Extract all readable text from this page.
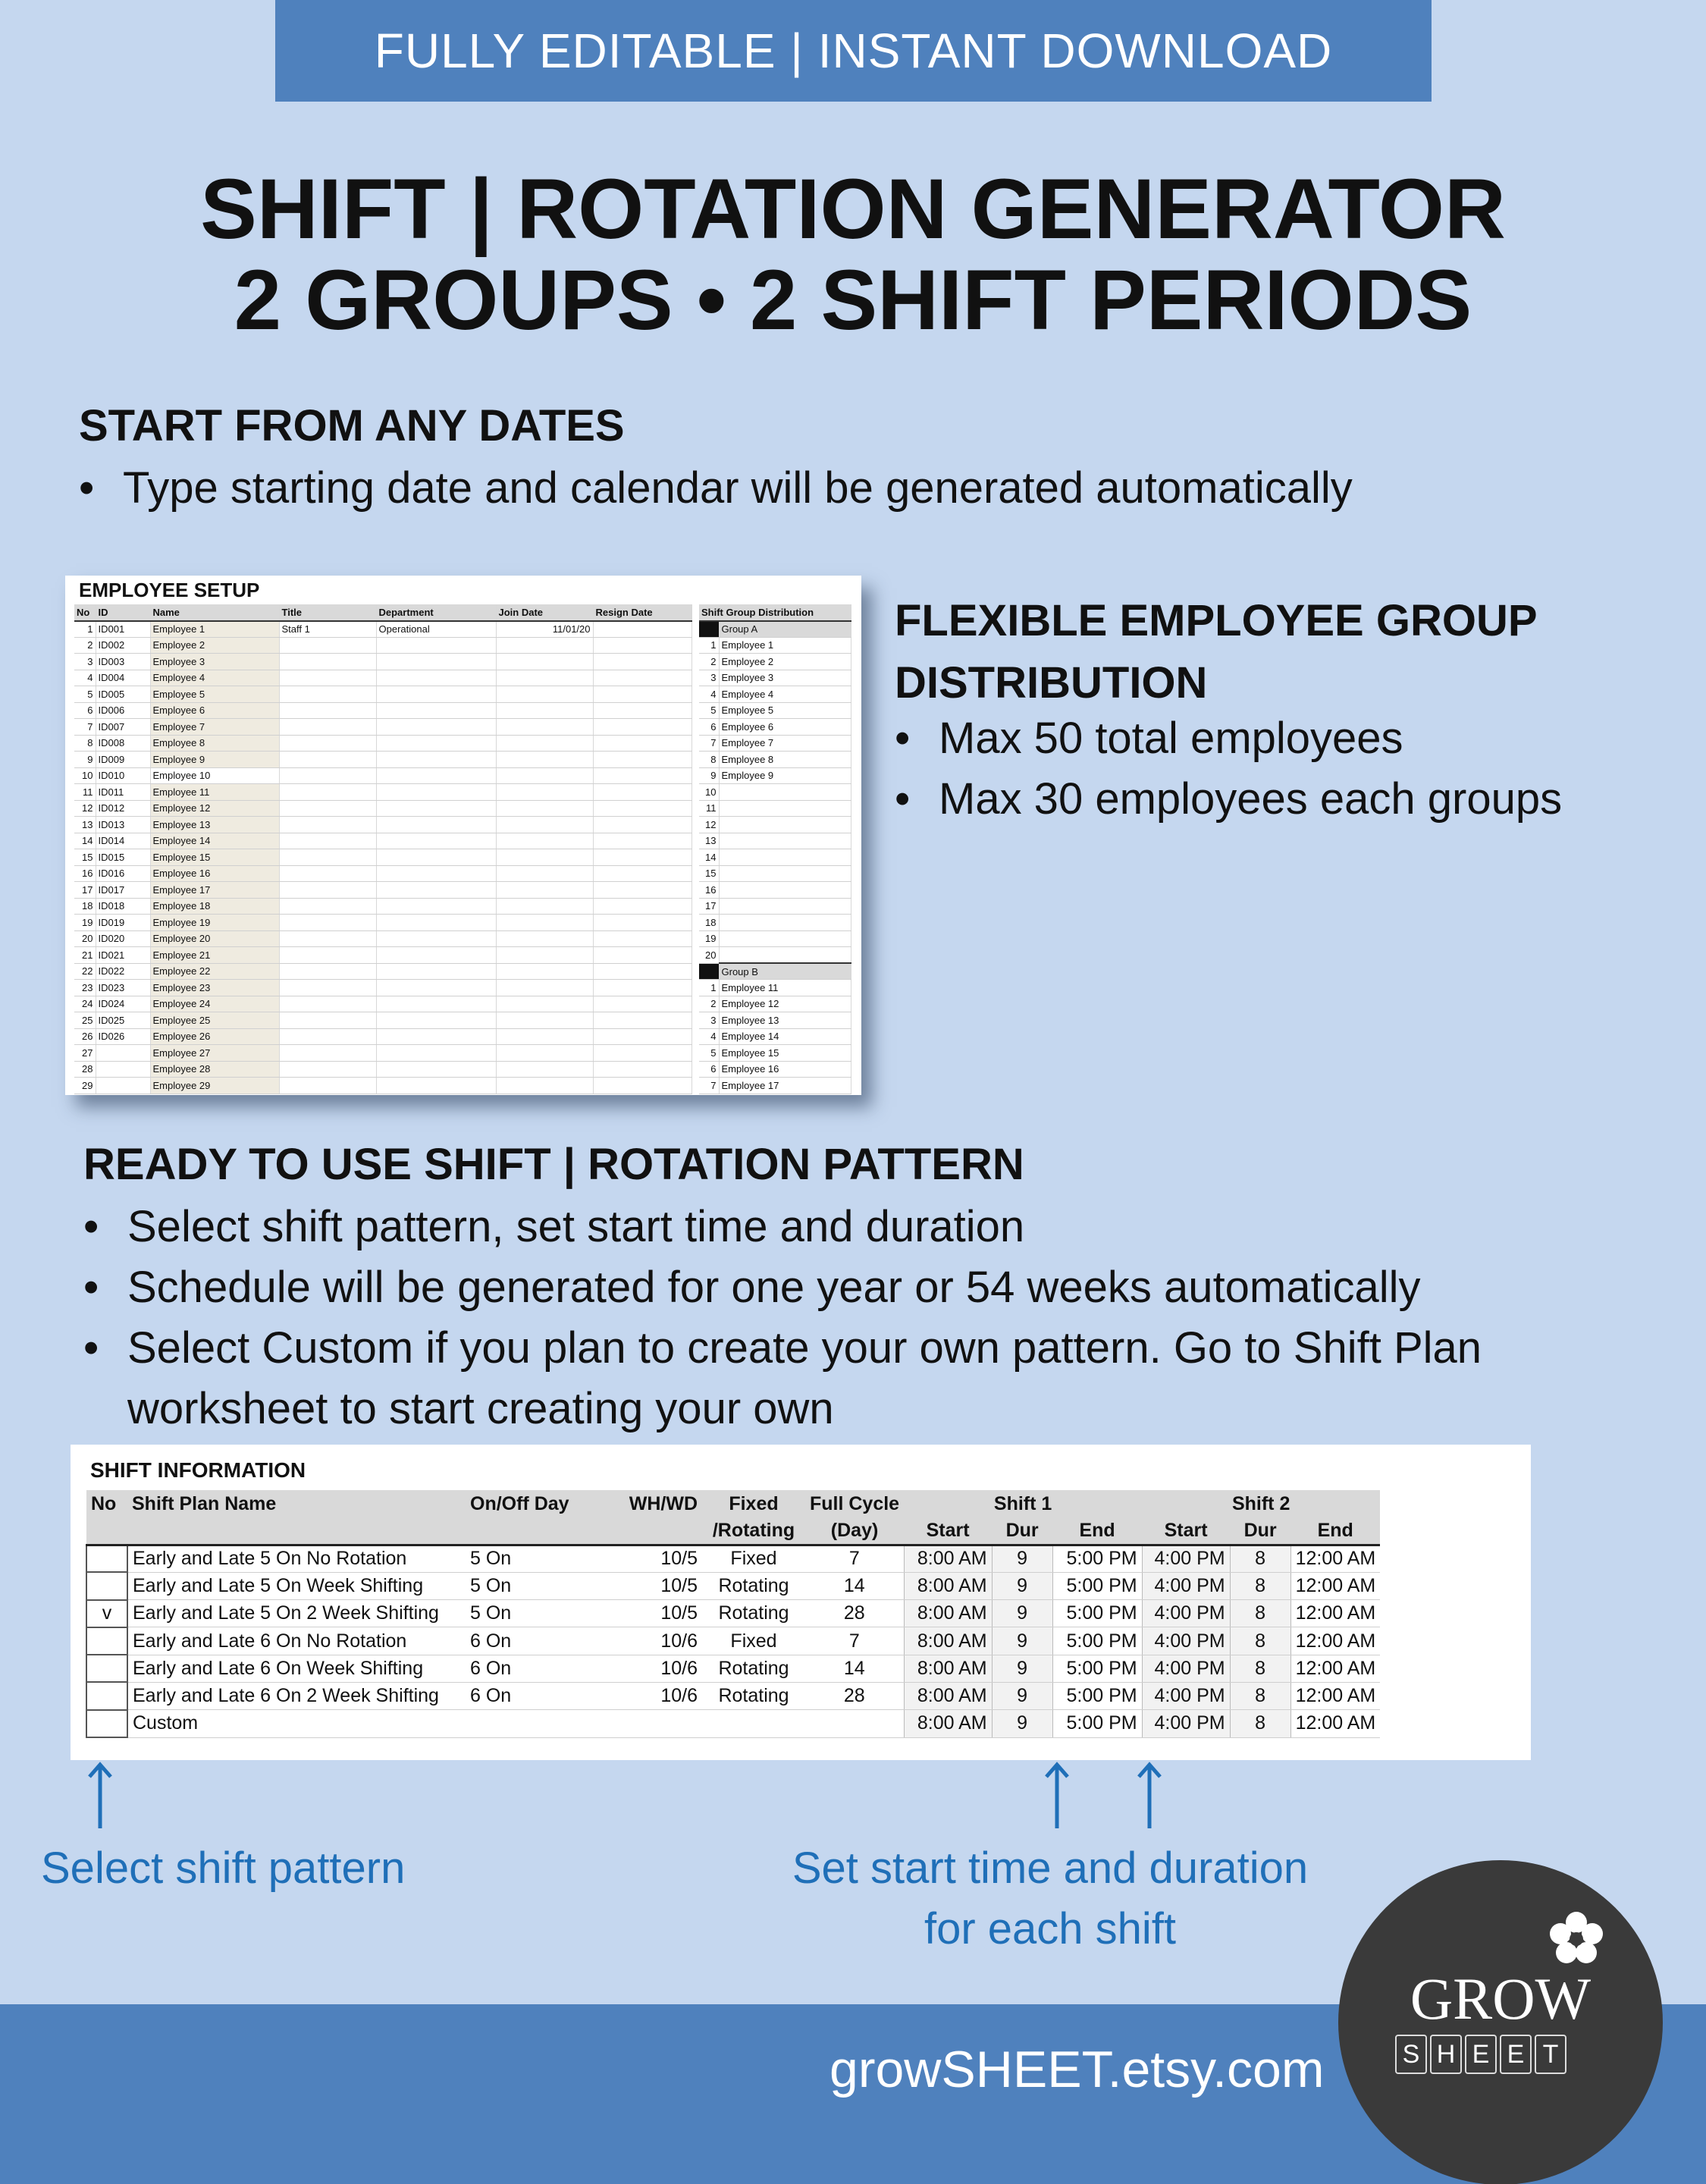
FULLY EDITABLE | INSTANT DOWNLOAD
SHIFT | ROTATION GENERATOR
2 GROUPS • 2 SHIFT PERIODS
START FROM ANY DATES
• Type starting date and calendar will be generated automatically
EMPLOYEE SETUP
No	ID	Name	Title	Department	Join Date	Resign Date
1	ID001	Employee 1	Staff 1	Operational	11/01/20	
2	ID002	Employee 2				
3	ID003	Employee 3				
4	ID004	Employee 4				
5	ID005	Employee 5				
6	ID006	Employee 6				
7	ID007	Employee 7				
8	ID008	Employee 8				
9	ID009	Employee 9				
10	ID010	Employee 10				
11	ID011	Employee 11				
12	ID012	Employee 12				
13	ID013	Employee 13				
14	ID014	Employee 14				
15	ID015	Employee 15				
16	ID016	Employee 16				
17	ID017	Employee 17				
18	ID018	Employee 18				
19	ID019	Employee 19				
20	ID020	Employee 20				
21	ID021	Employee 21				
22	ID022	Employee 22				
23	ID023	Employee 23				
24	ID024	Employee 24				
25	ID025	Employee 25				
26	ID026	Employee 26				
27		Employee 27				
28		Employee 28				
29		Employee 29				
Shift Group Distribution	
	Group A
1	Employee 1
2	Employee 2
3	Employee 3
4	Employee 4
5	Employee 5
6	Employee 6
7	Employee 7
8	Employee 8
9	Employee 9
10	
11	
12	
13	
14	
15	
16	
17	
18	
19	
20	
	Group B
1	Employee 11
2	Employee 12
3	Employee 13
4	Employee 14
5	Employee 15
6	Employee 16
7	Employee 17
FLEXIBLE EMPLOYEE GROUP
DISTRIBUTION
• Max 50 total employees
• Max 30 employees each groups
READY TO USE SHIFT | ROTATION PATTERN
• Select shift pattern, set start time and duration
• Schedule will be generated for one year or 54 weeks automatically
• Select Custom if you plan to create your own pattern. Go to Shift Plan
worksheet to start creating your own
SHIFT INFORMATION
No	Shift Plan Name	On/Off Day	WH/WD	Fixed	Full Cycle	Shift 1			Shift 2		
				/Rotating	(Day)	Start	Dur	End	Start	Dur	End
	Early and Late 5 On No Rotation	5 On	10/5	Fixed	7	8:00 AM	9	5:00 PM	4:00 PM	8	12:00 AM
	Early and Late 5 On Week Shifting	5 On	10/5	Rotating	14	8:00 AM	9	5:00 PM	4:00 PM	8	12:00 AM
v	Early and Late 5 On 2 Week Shifting	5 On	10/5	Rotating	28	8:00 AM	9	5:00 PM	4:00 PM	8	12:00 AM
	Early and Late 6 On No Rotation	6 On	10/6	Fixed	7	8:00 AM	9	5:00 PM	4:00 PM	8	12:00 AM
	Early and Late 6 On Week Shifting	6 On	10/6	Rotating	14	8:00 AM	9	5:00 PM	4:00 PM	8	12:00 AM
	Early and Late 6 On 2 Week Shifting	6 On	10/6	Rotating	28	8:00 AM	9	5:00 PM	4:00 PM	8	12:00 AM
	Custom					8:00 AM	9	5:00 PM	4:00 PM	8	12:00 AM
Select shift pattern	Set start time and duration
for each shift
growSHEET.etsy.com
GROW
S H E E T
